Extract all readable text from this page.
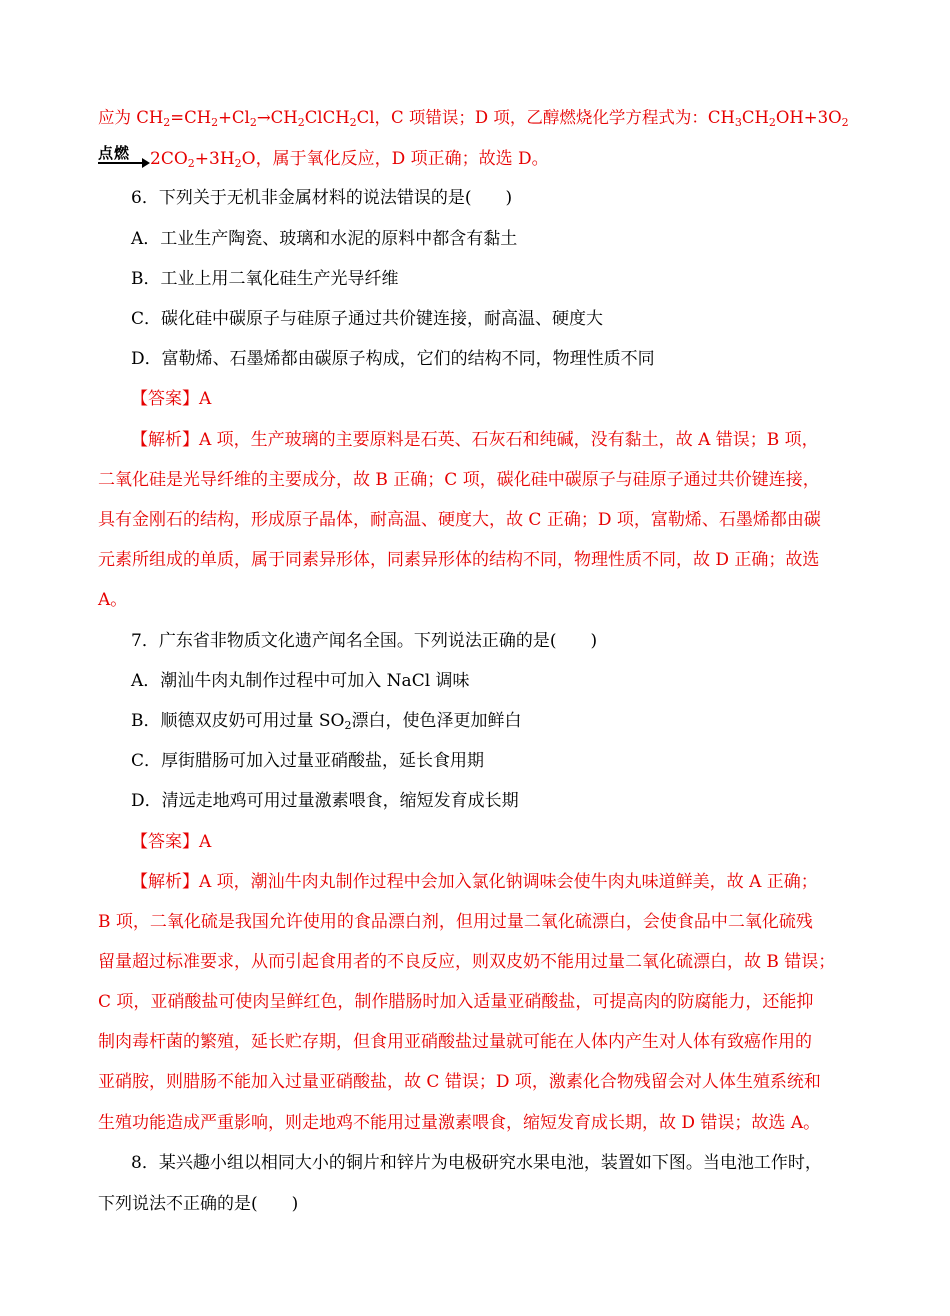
应为 $CH_2=CH_2+Cl_2\to CH_2ClCH_2Cl$，C 项错误；D 项，乙醇燃烧化学方程式为：$CH_3CH_2OH+3O_2$
点燃 $2CO_2+3H_2O$，属于氧化反应，D 项正确；故选 D。
6．下列关于无机非金属材料的说法错误的是(　　)
A．工业生产陶瓷、玻璃和水泥的原料中都含有黏土
B．工业上用二氧化硅生产光导纤维
C．碳化硅中碳原子与硅原子通过共价键连接，耐高温、硬度大
D．富勒烯、石墨烯都由碳原子构成，它们的结构不同，物理性质不同
【答案】A
【解析】A 项，生产玻璃的主要原料是石英、石灰石和纯碱，没有黏土，故 A 错误；B 项，
二氧化硅是光导纤维的主要成分，故 B 正确；C 项，碳化硅中碳原子与硅原子通过共价键连接，
具有金刚石的结构，形成原子晶体，耐高温、硬度大，故 C 正确；D 项，富勒烯、石墨烯都由碳
元素所组成的单质，属于同素异形体，同素异形体的结构不同，物理性质不同，故 D 正确；故选
A。
7．广东省非物质文化遗产闻名全国。下列说法正确的是(　　)
A．潮汕牛肉丸制作过程中可加入 NaCl 调味
B．顺德双皮奶可用过量 $SO_2$漂白，使色泽更加鲜白
C．厚街腊肠可加入过量亚硝酸盐，延长食用期
D．清远走地鸡可用过量激素喂食，缩短发育成长期
【答案】A
【解析】A 项，潮汕牛肉丸制作过程中会加入氯化钠调味会使牛肉丸味道鲜美，故 A 正确；
B 项，二氧化硫是我国允许使用的食品漂白剂，但用过量二氧化硫漂白，会使食品中二氧化硫残
留量超过标准要求，从而引起食用者的不良反应，则双皮奶不能用过量二氧化硫漂白，故 B 错误；
C 项，亚硝酸盐可使肉呈鲜红色，制作腊肠时加入适量亚硝酸盐，可提高肉的防腐能力，还能抑
制肉毒杆菌的繁殖，延长贮存期，但食用亚硝酸盐过量就可能在人体内产生对人体有致癌作用的
亚硝胺，则腊肠不能加入过量亚硝酸盐，故 C 错误；D 项，激素化合物残留会对人体生殖系统和
生殖功能造成严重影响，则走地鸡不能用过量激素喂食，缩短发育成长期，故 D 错误；故选 A。
8．某兴趣小组以相同大小的铜片和锌片为电极研究水果电池，装置如下图。当电池工作时，
下列说法不正确的是(　　)
